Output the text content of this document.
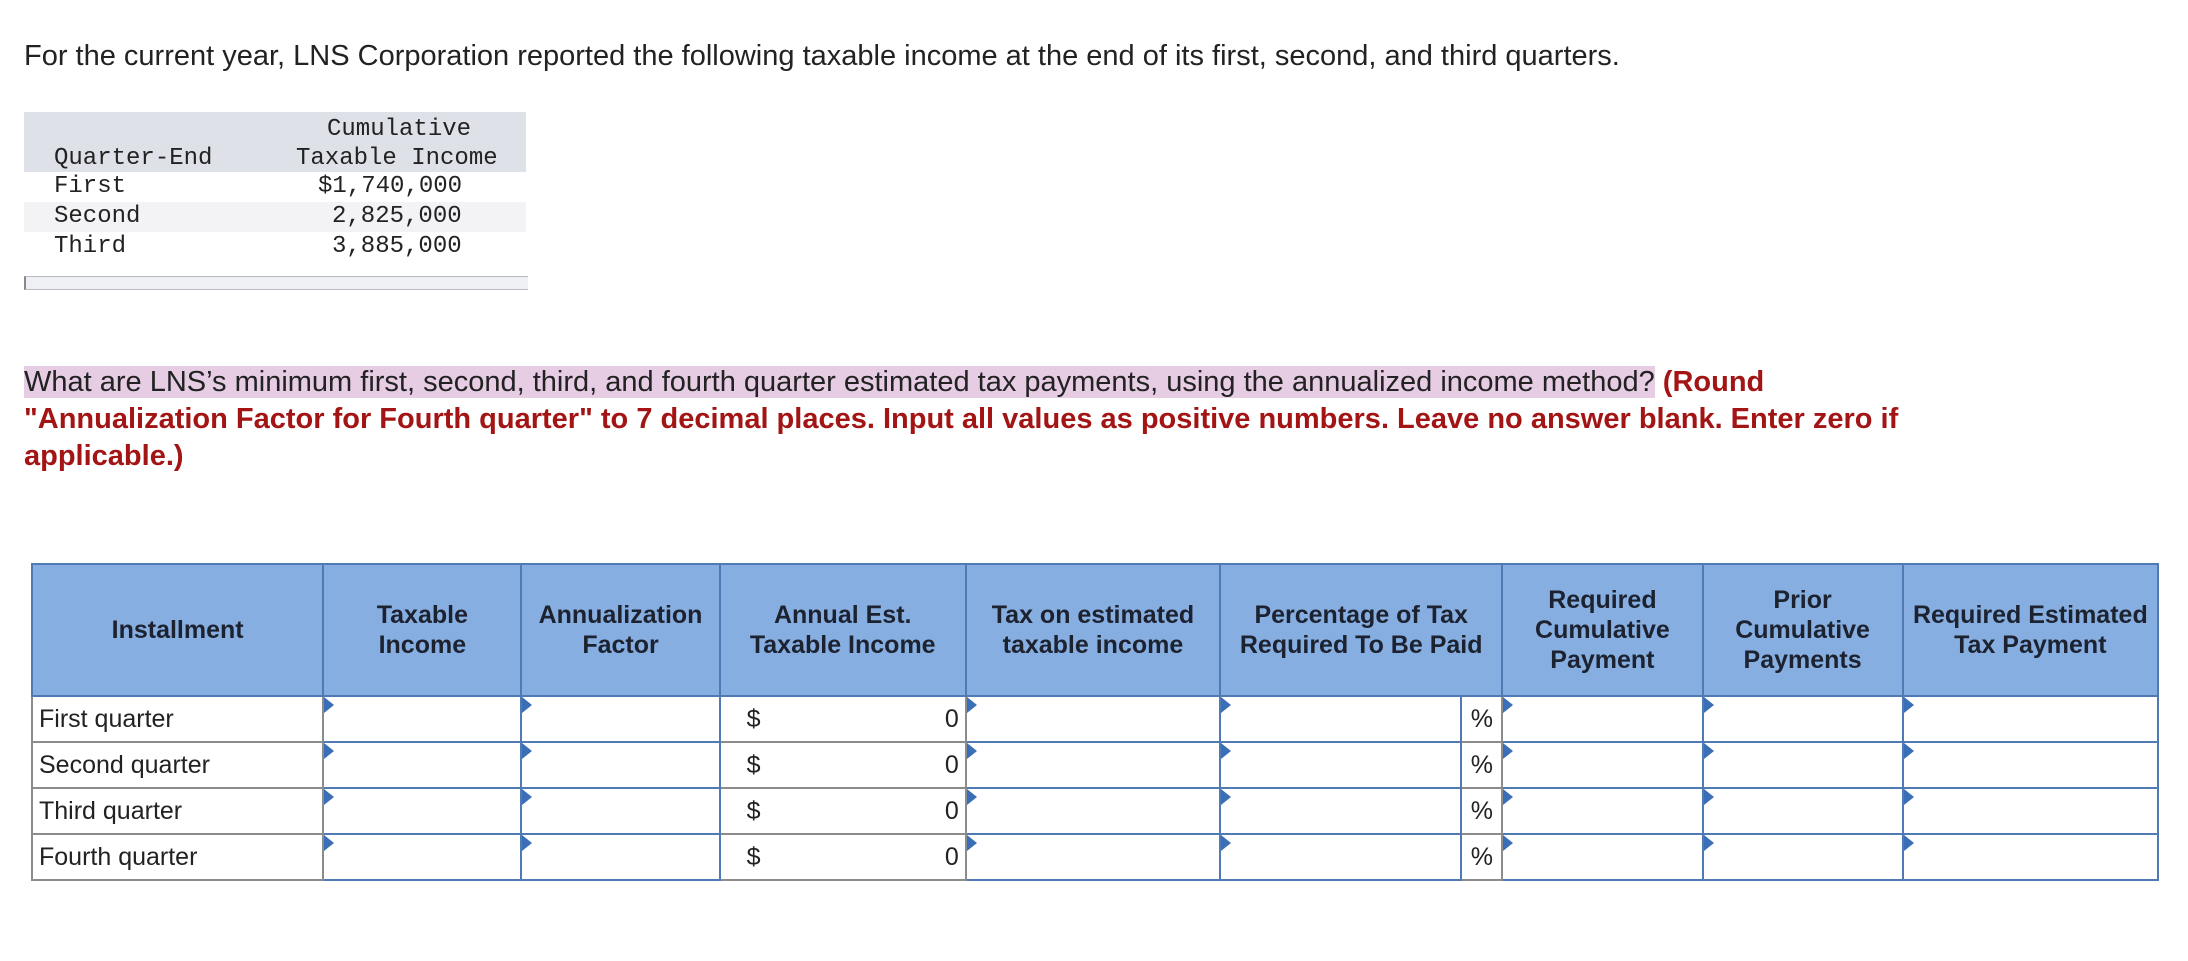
For the current year, LNS Corporation reported the following taxable income at the end of its first, second, and third quarters.

Cumulative
Quarter-End	Taxable Income
First	$1,740,000
Second	2,825,000
Third	3,885,000

What are LNS’s minimum first, second, third, and fourth quarter estimated tax payments, using the annualized income method? (Round "Annualization Factor for Fourth quarter" to 7 decimal places. Input all values as positive numbers. Leave no answer blank. Enter zero if applicable.)

Installment	Taxable Income	Annualization Factor	Annual Est. Taxable Income	Tax on estimated taxable income	Percentage of Tax Required To Be Paid		Required Cumulative Payment	Prior Cumulative Payments	Required Estimated Tax Payment
First quarter			$ 0			%			
Second quarter			$ 0			%			
Third quarter			$ 0			%			
Fourth quarter			$ 0			%			
